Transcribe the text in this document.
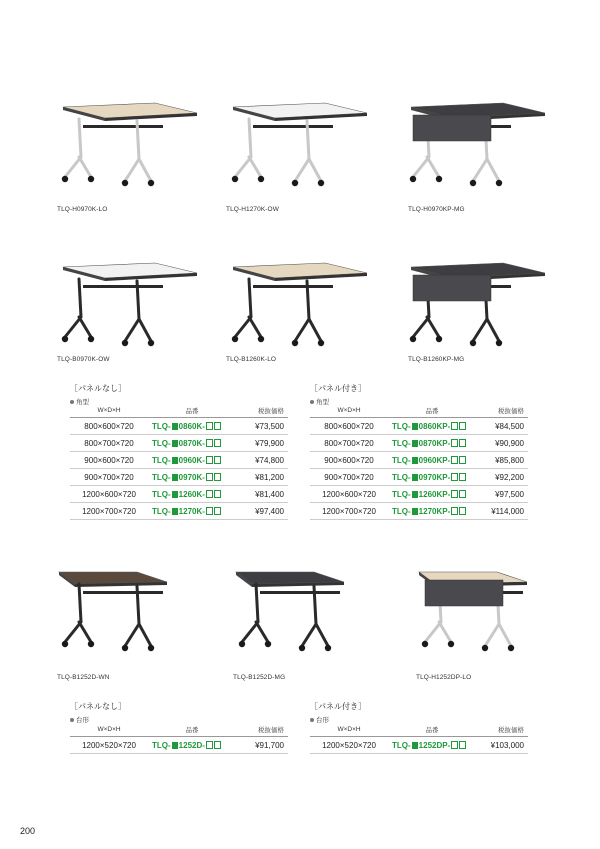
TLQ-H0970K-LO	TLQ-H1270K-OW	TLQ-H0970KP-MG
TLQ-B0970K-OW	TLQ-B1260K-LO	TLQ-B1260KP-MG
TLQ-B1252D-WN	TLQ-B1252D-MG	TLQ-H1252DP-LO
［パネルなし］
角型
W×D×H	品番	税抜価格
800×600×720	TLQ- 0860K-	¥73,500
800×700×720	TLQ- 0870K-	¥79,900
900×600×720	TLQ- 0960K-	¥74,800
900×700×720	TLQ- 0970K-	¥81,200
1200×600×720	TLQ- 1260K-	¥81,400
1200×700×720	TLQ- 1270K-	¥97,400
［パネル付き］
角型
W×D×H	品番	税抜価格
800×600×720	TLQ- 0860KP-	¥84,500
800×700×720	TLQ- 0870KP-	¥90,900
900×600×720	TLQ- 0960KP-	¥85,800
900×700×720	TLQ- 0970KP-	¥92,200
1200×600×720	TLQ- 1260KP-	¥97,500
1200×700×720	TLQ- 1270KP-	¥114,000
［パネルなし］
台形
W×D×H	品番	税抜価格
1200×520×720	TLQ- 1252D-	¥91,700
［パネル付き］
台形
W×D×H	品番	税抜価格
1200×520×720	TLQ- 1252DP-	¥103,000
200
